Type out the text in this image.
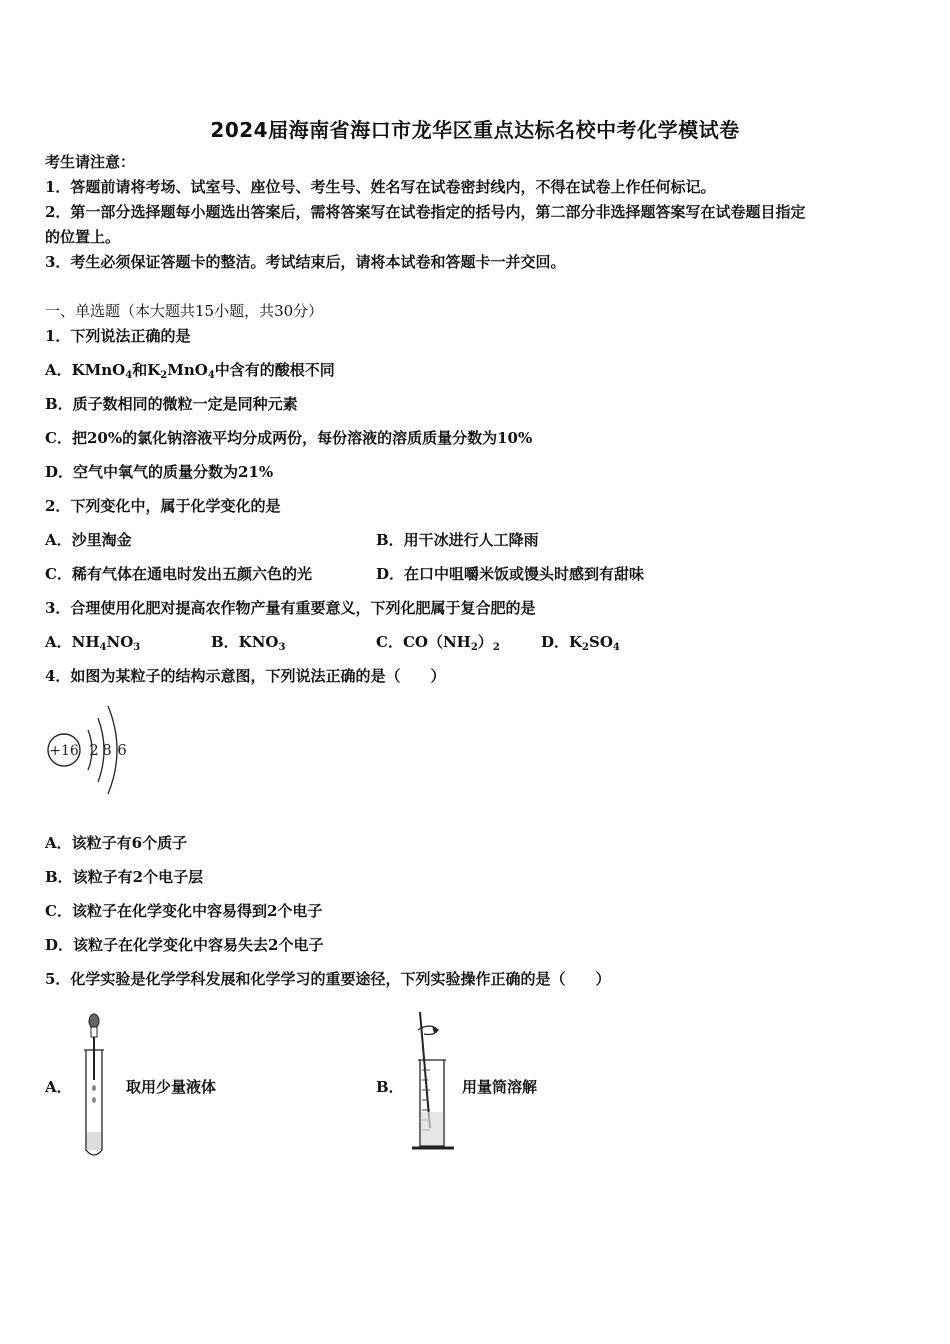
2024届海南省海口市龙华区重点达标名校中考化学模试卷
考生请注意：
1．答题前请将考场、试室号、座位号、考生号、姓名写在试卷密封线内，不得在试卷上作任何标记。
2．第一部分选择题每小题选出答案后，需将答案写在试卷指定的括号内，第二部分非选择题答案写在试卷题目指定
的位置上。
3．考生必须保证答题卡的整洁。考试结束后，请将本试卷和答题卡一并交回。
一、单选题（本大题共15小题，共30分）
1．下列说法正确的是
A．KMnO$_4$和$K_2MnO_4$中含有的酸根不同
B．质子数相同的微粒一定是同种元素
C．把20%的氯化钠溶液平均分成两份，每份溶液的溶质质量分数为10%
D．空气中氧气的质量分数为21%
2．下列变化中，属于化学变化的是
A．沙里淘金	B．用干冰进行人工降雨
C．稀有气体在通电时发出五颜六色的光	D．在口中咀嚼米饭或馒头时感到有甜味
3．合理使用化肥对提高农作物产量有重要意义，下列化肥属于复合肥的是
A．$NH_4NO_3$	B．$KNO_3$	C．$CO(NH_2)_2$	D．$K_2SO_4$
4．如图为某粒子的结构示意图，下列说法正确的是（　　）
+16 2 8 6
A．该粒子有6个质子
B．该粒子有2个电子层
C．该粒子在化学变化中容易得到2个电子
D．该粒子在化学变化中容易失去2个电子
5．化学实验是化学学科发展和化学学习的重要途径，下列实验操作正确的是（　　）
A．	取用少量液体	B．	用量筒溶解
